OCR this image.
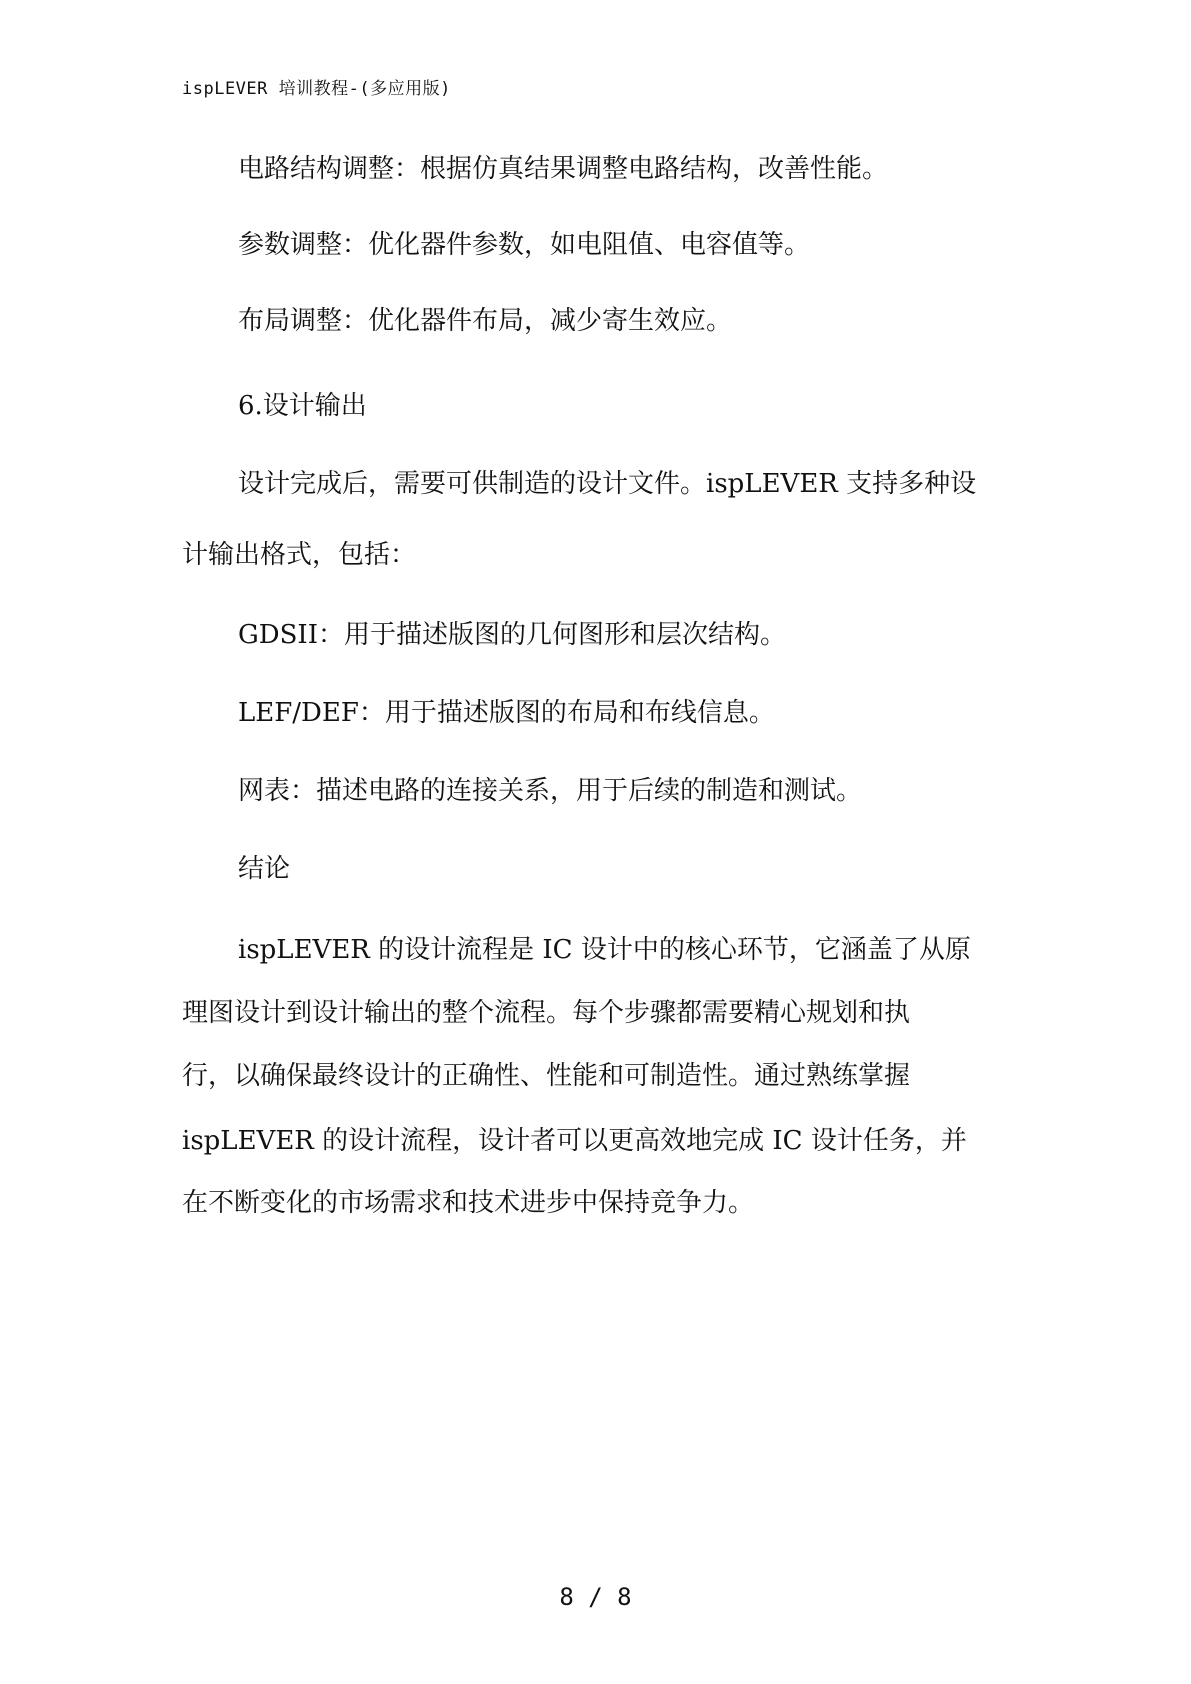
ispLEVER 培训教程-(多应用版)
电路结构调整：根据仿真结果调整电路结构，改善性能。
参数调整：优化器件参数，如电阻值、电容值等。
布局调整：优化器件布局，减少寄生效应。
6.设计输出
设计完成后，需要可供制造的设计文件。ispLEVER 支持多种设
计输出格式，包括：
GDSII：用于描述版图的几何图形和层次结构。
LEF/DEF：用于描述版图的布局和布线信息。
网表：描述电路的连接关系，用于后续的制造和测试。
结论
ispLEVER 的设计流程是 IC 设计中的核心环节，它涵盖了从原
理图设计到设计输出的整个流程。每个步骤都需要精心规划和执
行，以确保最终设计的正确性、性能和可制造性。通过熟练掌握
ispLEVER 的设计流程，设计者可以更高效地完成 IC 设计任务，并
在不断变化的市场需求和技术进步中保持竞争力。
8 / 8
